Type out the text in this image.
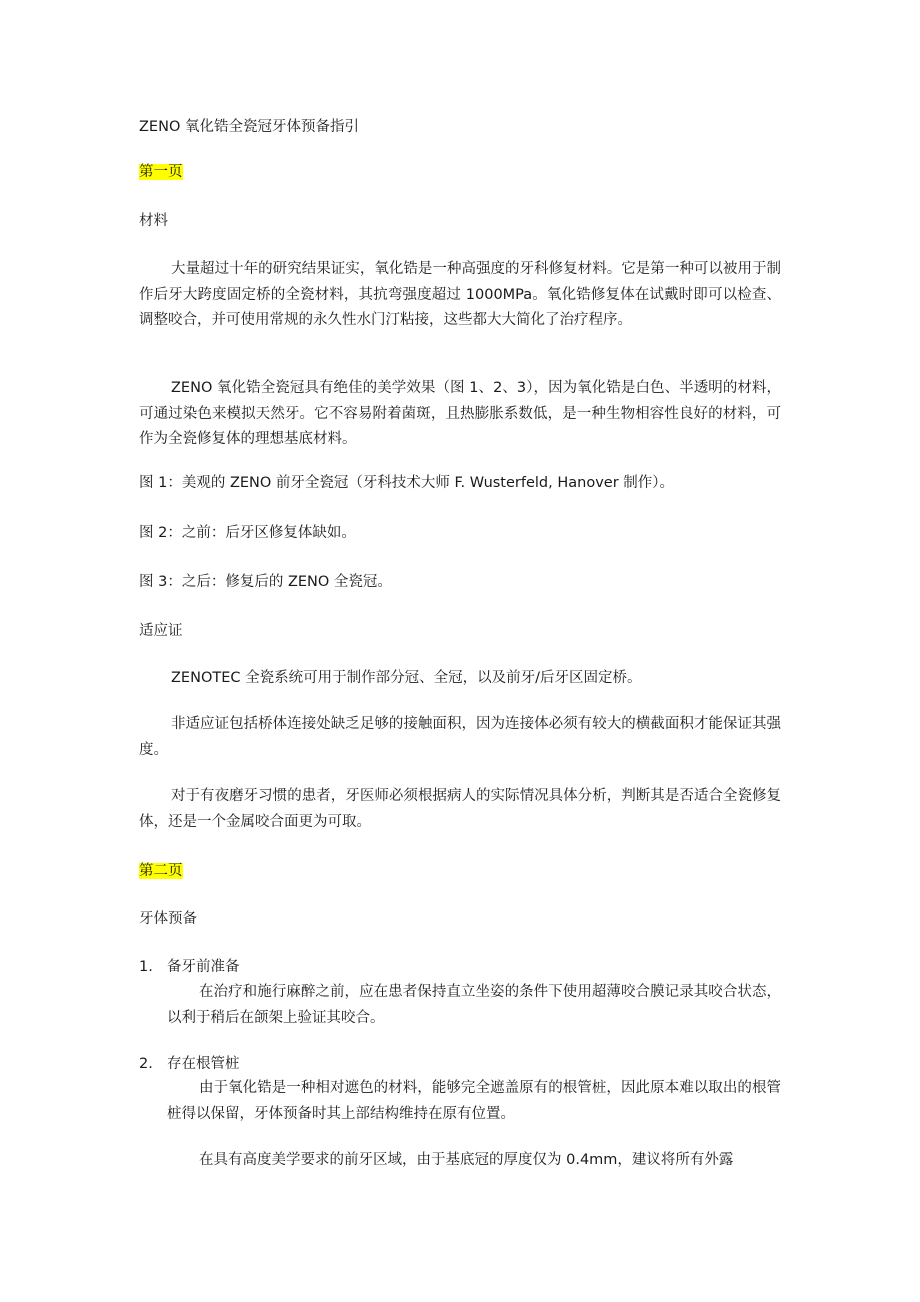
ZENO 氧化锆全瓷冠牙体预备指引
第一页
材料
大量超过十年的研究结果证实，氧化锆是一种高强度的牙科修复材料。它是第一种可以被用于制作后牙大跨度固定桥的全瓷材料，其抗弯强度超过 1000MPa。氧化锆修复体在试戴时即可以检查、调整咬合，并可使用常规的永久性水门汀粘接，这些都大大简化了治疗程序。
ZENO 氧化锆全瓷冠具有绝佳的美学效果（图 1、2、3），因为氧化锆是白色、半透明的材料，可通过染色来模拟天然牙。它不容易附着菌斑，且热膨胀系数低，是一种生物相容性良好的材料，可作为全瓷修复体的理想基底材料。
图 1：美观的 ZENO 前牙全瓷冠（牙科技术大师 F. Wusterfeld, Hanover 制作）。
图 2：之前：后牙区修复体缺如。
图 3：之后：修复后的 ZENO 全瓷冠。
适应证
ZENOTEC 全瓷系统可用于制作部分冠、全冠，以及前牙/后牙区固定桥。
非适应证包括桥体连接处缺乏足够的接触面积，因为连接体必须有较大的横截面积才能保证其强度。
对于有夜磨牙习惯的患者，牙医师必须根据病人的实际情况具体分析，判断其是否适合全瓷修复体，还是一个金属咬合面更为可取。
第二页
牙体预备
1. 备牙前准备
在治疗和施行麻醉之前，应在患者保持直立坐姿的条件下使用超薄咬合膜记录其咬合状态，以利于稍后在颌架上验证其咬合。
2. 存在根管桩
由于氧化锆是一种相对遮色的材料，能够完全遮盖原有的根管桩，因此原本难以取出的根管桩得以保留，牙体预备时其上部结构维持在原有位置。
在具有高度美学要求的前牙区域，由于基底冠的厚度仅为 0.4mm，建议将所有外露
